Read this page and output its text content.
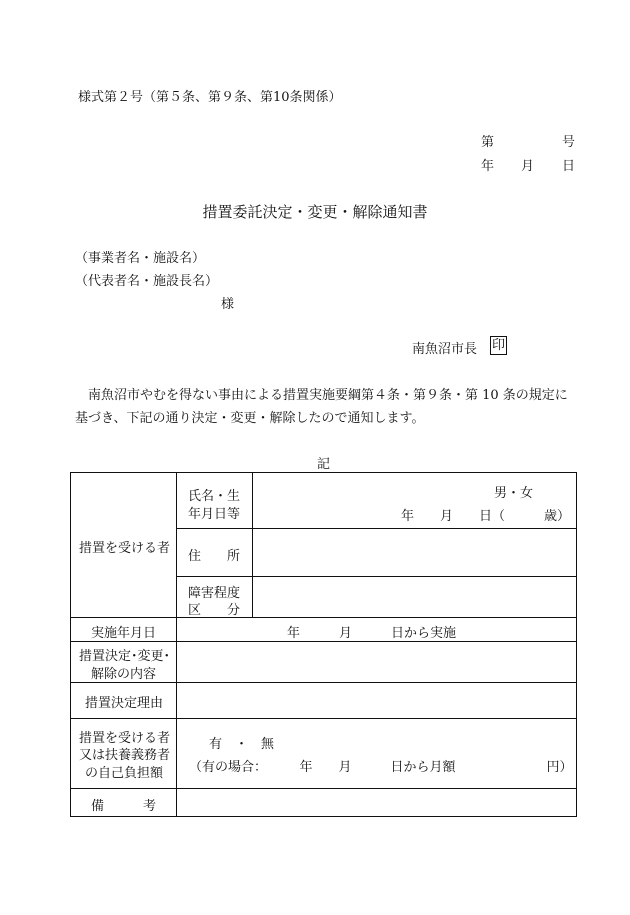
様式第２号（第５条、第９条、第10条関係）
第	号
年 月 日
措置委託決定・変更・解除通知書
（事業者名・施設名）
（代表者名・施設長名）
様
南魚沼市長 印
南魚沼市やむを得ない事由による措置実施要綱第４条・第９条・第 10 条の規定に
基づき、下記の通り決定・変更・解除したので通知します。
記
措置を受ける者
氏名・生
年月日等
男・女
年　　月　　日（　　　歳）
住　　所
障害程度
区　　分
実施年月日	年　　　月　　　日から実施
措置決定･変更･
解除の内容
措置決定理由
措置を受ける者
又は扶養義務者
の自己負担額
有　・　無
（有の場合：　　　年　　月　　　日から月額　　　　　　　円）
備　　　考
